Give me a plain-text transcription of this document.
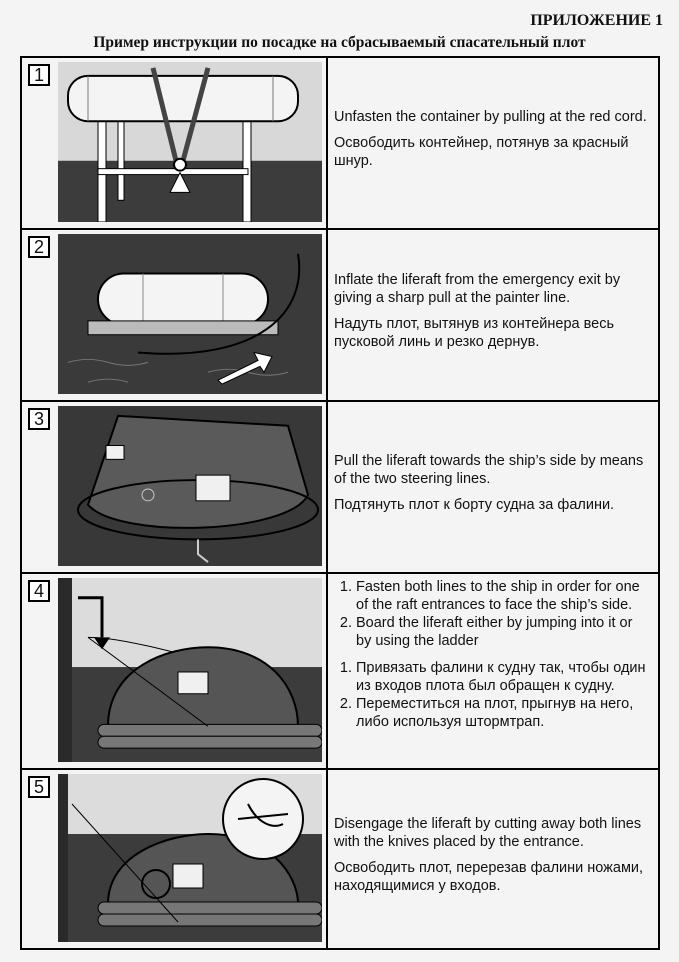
ПРИЛОЖЕНИЕ 1
Пример инструкции по посадке на сбрасываемый спасательный плот
1

Unfasten the container by pulling at the red cord.

Освободить контейнер, потянув за красный шнур.

2

Inflate the liferaft from the emergency exit by giving a sharp pull at the painter line.

Надуть плот, вытянув из контейнера весь пусковой линь и резко дернув.

3

Pull the liferaft towards the ship’s side by means of the two steering lines.

Подтянуть плот к борту судна за фалини.

4
1.	Fasten both lines to the ship in order for one of the raft entrances to face the ship’s side.
2. Board the liferaft either by jumping into it or by using the ladder
1. Привязать фалини к судну так, чтобы один из входов плота был обращен к судну.
2. Переместиться на плот, прыгнув на него, либо используя штормтрап.
5

Disengage the liferaft by cutting away both lines with the knives placed by the entrance.

Освободить плот, перерезав фалини ножами, находящимися у входов.
